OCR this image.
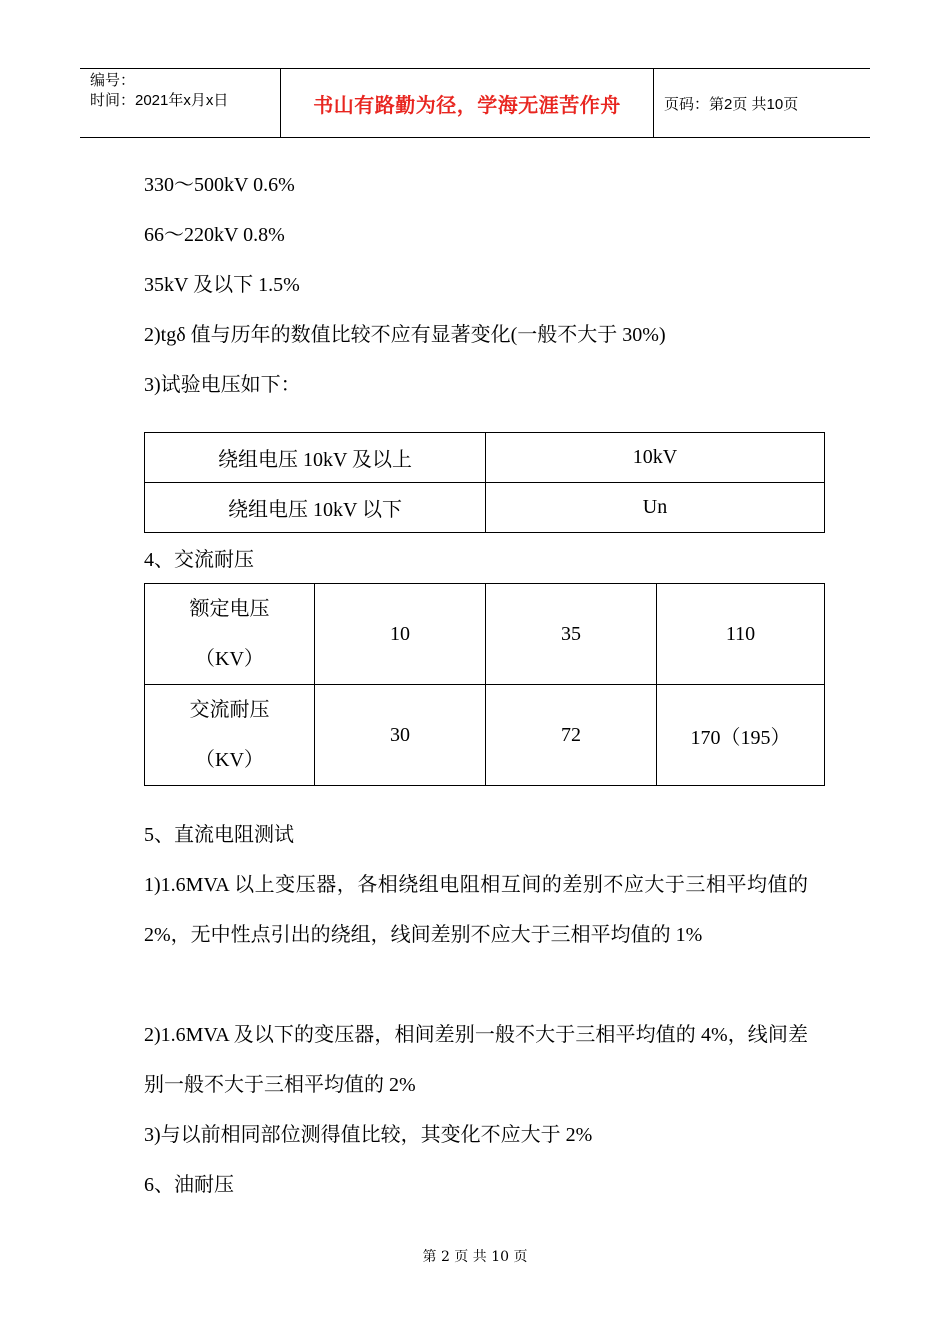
编号：
时间：2021年x月x日	书山有路勤为径，学海无涯苦作舟	页码：第2页 共10页
330～500kV 0.6%
66～220kV 0.8%
35kV 及以下 1.5%
2)tgδ 值与历年的数值比较不应有显著变化(一般不大于 30%)
3)试验电压如下：
绕组电压 10kV 及以上	10kV
绕组电压 10kV 以下	Un
4、交流耐压
额定电压
（KV）	10	35	110

交流耐压
（KV）	30	72	170（195）
5、直流电阻测试
1)1.6MVA 以上变压器，各相绕组电阻相互间的差别不应大于三相平均值的 2%，无中性点引出的绕组，线间差别不应大于三相平均值的 1%
2)1.6MVA 及以下的变压器，相间差别一般不大于三相平均值的 4%，线间差别一般不大于三相平均值的 2%
3)与以前相同部位测得值比较，其变化不应大于 2%
6、油耐压
第 2 页 共 10 页
